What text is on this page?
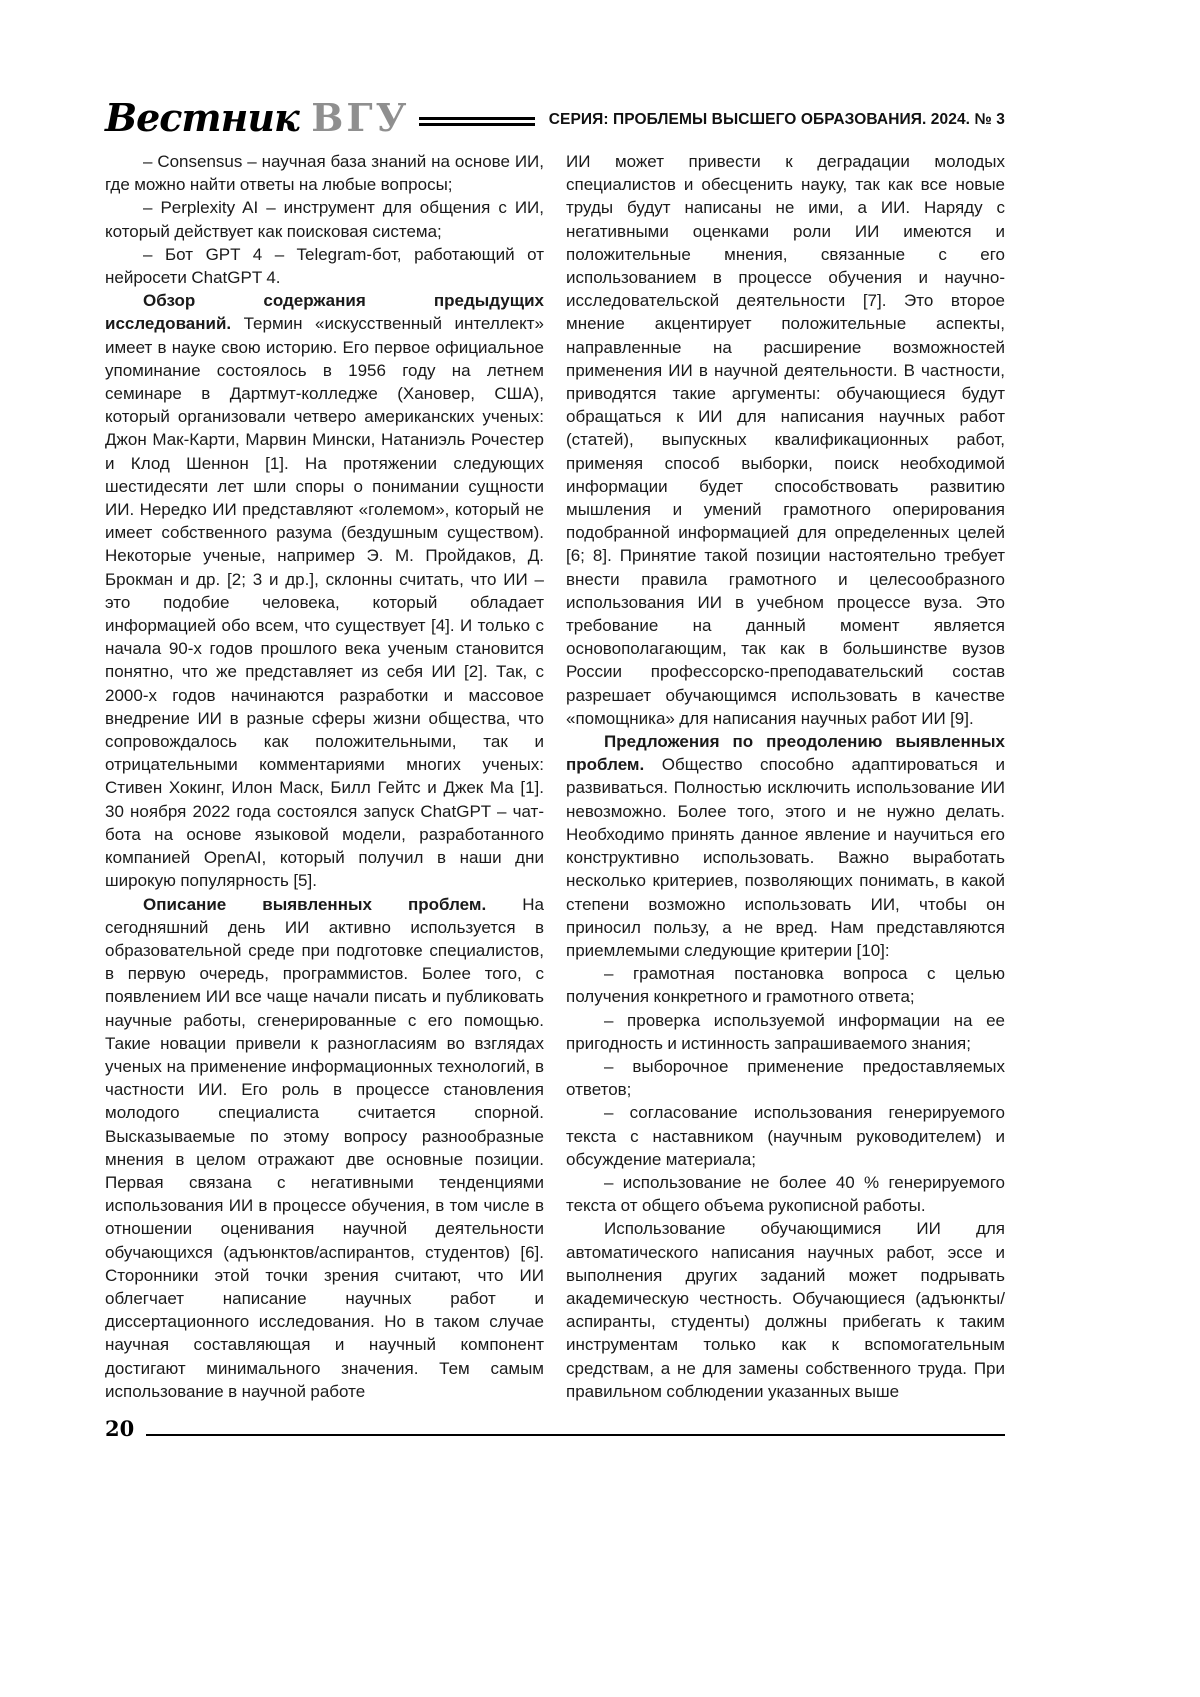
Вестник ВГУ	СЕРИЯ: ПРОБЛЕМЫ ВЫСШЕГО ОБРАЗОВАНИЯ. 2024. № 3

– Consensus – научная база знаний на основе ИИ, где можно найти ответы на любые вопросы;

– Perplexity AI – инструмент для общения с ИИ, который действует как поисковая система;

– Бот GPT 4 – Telegram-бот, работающий от нейросети ChatGPT 4.

Обзор содержания предыдущих исследований. Термин «искусственный интеллект» имеет в науке свою историю. Его первое официальное упоминание состоялось в 1956 году на летнем семинаре в Дартмут-колледже (Хановер, США), который организовали четверо американских ученых: Джон Мак-Карти, Марвин Мински, Натаниэль Рочестер и Клод Шеннон [1]. На протяжении следующих шестидесяти лет шли споры о понимании сущности ИИ. Нередко ИИ представляют «големом», который не имеет собственного разума (бездушным существом). Некоторые ученые, например Э. М. Пройдаков, Д. Брокман и др. [2; 3 и др.], склонны считать, что ИИ – это подобие человека, который обладает информацией обо всем, что существует [4]. И только с начала 90-х годов прошлого века ученым становится понятно, что же представляет из себя ИИ [2]. Так, с 2000-х годов начинаются разработки и массовое внедрение ИИ в разные сферы жизни общества, что сопровождалось как положительными, так и отрицательными комментариями многих ученых: Стивен Хокинг, Илон Маск, Билл Гейтс и Джек Ма [1]. 30 ноября 2022 года состоялся запуск ChatGPT – чат-бота на основе языковой модели, разработанного компанией OpenAI, который получил в наши дни широкую популярность [5].

Описание выявленных проблем. На сегодняшний день ИИ активно используется в образовательной среде при подготовке специалистов, в первую очередь, программистов. Более того, с появлением ИИ все чаще начали писать и публиковать научные работы, сгенерированные с его помощью. Такие новации привели к разногласиям во взглядах ученых на применение информационных технологий, в частности ИИ. Его роль в процессе становления молодого специалиста считается спорной. Высказываемые по этому вопросу разнообразные мнения в целом отражают две основные позиции. Первая связана с негативными тенденциями использования ИИ в процессе обучения, в том числе в отношении оценивания научной деятельности обучающихся (адъюнктов/аспирантов, студентов) [6]. Сторонники этой точки зрения считают, что ИИ облегчает написание научных работ и диссертационного исследования. Но в таком случае научная составляющая и научный компонент достигают минимального значения. Тем самым использование в научной работе

ИИ может привести к деградации молодых специалистов и обесценить науку, так как все новые труды будут написаны не ими, а ИИ. Наряду с негативными оценками роли ИИ имеются и положительные мнения, связанные с его использованием в процессе обучения и научно-исследовательской деятельности [7]. Это второе мнение акцентирует положительные аспекты, направленные на расширение возможностей применения ИИ в научной деятельности. В частности, приводятся такие аргументы: обучающиеся будут обращаться к ИИ для написания научных работ (статей), выпускных квалификационных работ, применяя способ выборки, поиск необходимой информации будет способствовать развитию мышления и умений грамотного оперирования подобранной информацией для определенных целей [6; 8]. Принятие такой позиции настоятельно требует внести правила грамотного и целесообразного использования ИИ в учебном процессе вуза. Это требование на данный момент является основополагающим, так как в большинстве вузов России профессорско-преподавательский состав разрешает обучающимся использовать в качестве «помощника» для написания научных работ ИИ [9].

Предложения по преодолению выявленных проблем. Общество способно адаптироваться и развиваться. Полностью исключить использование ИИ невозможно. Более того, этого и не нужно делать. Необходимо принять данное явление и научиться его конструктивно использовать. Важно выработать несколько критериев, позволяющих понимать, в какой степени возможно использовать ИИ, чтобы он приносил пользу, а не вред. Нам представляются приемлемыми следующие критерии [10]:

– грамотная постановка вопроса с целью получения конкретного и грамотного ответа;

– проверка используемой информации на ее пригодность и истинность запрашиваемого знания;

– выборочное применение предоставляемых ответов;

– согласование использования генерируемого текста с наставником (научным руководителем) и обсуждение материала;

– использование не более 40 % генерируемого текста от общего объема рукописной работы.

Использование обучающимися ИИ для автоматического написания научных работ, эссе и выполнения других заданий может подрывать академическую честность. Обучающиеся (адъюнкты/аспиранты, студенты) должны прибегать к таким инструментам только как к вспомогательным средствам, а не для замены собственного труда. При правильном соблюдении указанных выше

20
